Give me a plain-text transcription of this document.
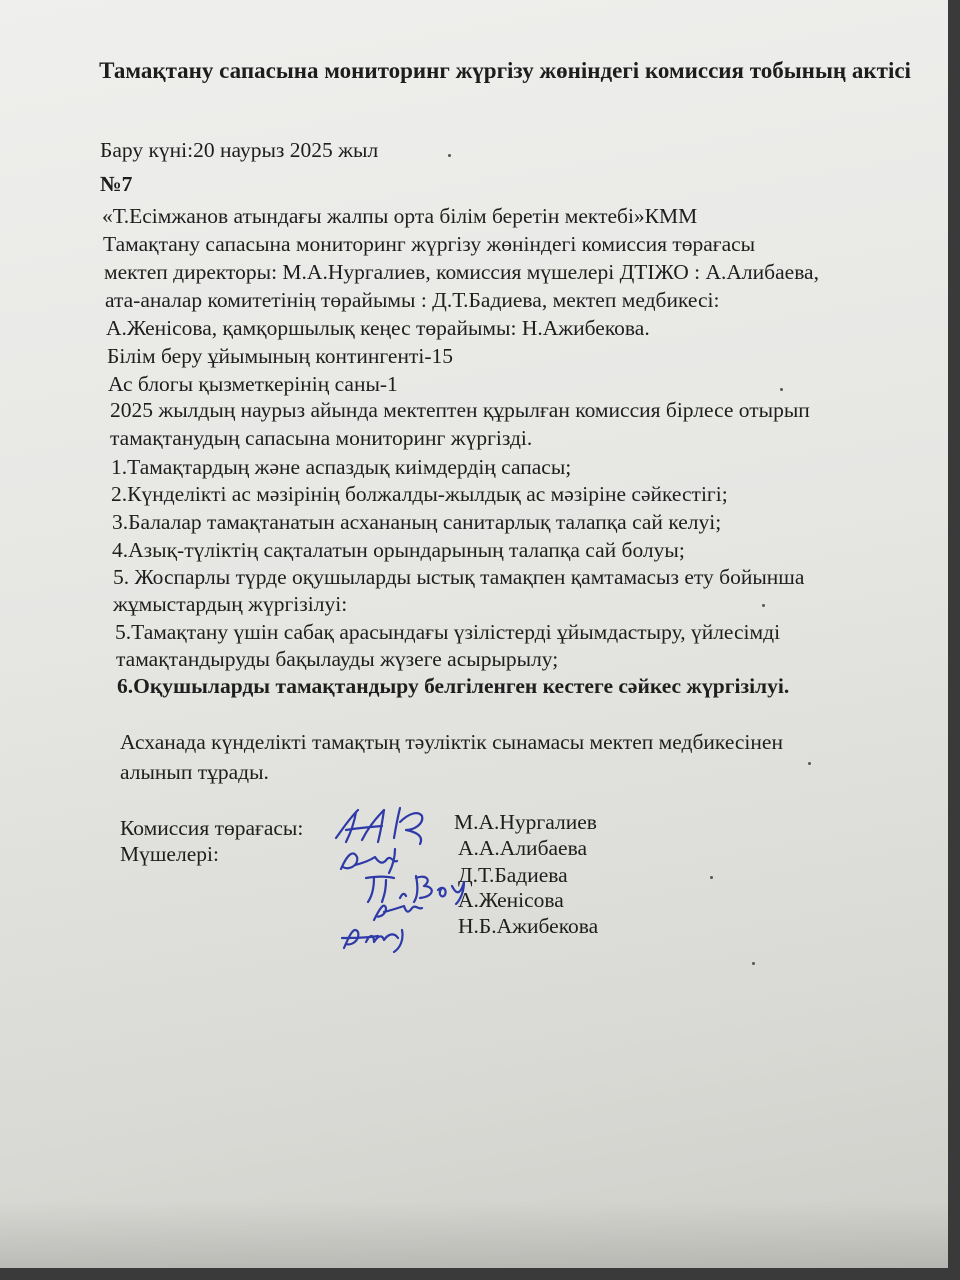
Тамақтану сапасына мониторинг жүргізу жөніндегі комиссия тобының актісі

Бару күні:20 наурыз 2025 жыл

№7

«Т.Есімжанов атындағы жалпы орта білім беретін мектебі»КММ

Тамақтану сапасына мониторинг жүргізу жөніндегі комиссия төрағасы

мектеп директоры: М.А.Нургалиев, комиссия мүшелері ДТІЖО : А.Алибаева,

ата-аналар комитетінің төрайымы : Д.Т.Бадиева, мектеп медбикесі:

А.Женісова, қамқоршылық кеңес төрайымы: Н.Ажибекова.

Білім беру ұйымының контингенті-15

Ас блогы қызметкерінің саны-1

2025 жылдың наурыз айында мектептен құрылған комиссия бірлесе отырып

тамақтанудың сапасына мониторинг жүргізді.

1.Тамақтардың және аспаздық киімдердің сапасы;

2.Күнделікті ас мәзірінің болжалды-жылдық ас мәзіріне сәйкестігі;

3.Балалар тамақтанатын асхананың санитарлық талапқа сай келуі;

4.Азық-түліктің сақталатын орындарының талапқа сай болуы;

5. Жоспарлы түрде оқушыларды ыстық тамақпен қамтамасыз ету бойынша

жұмыстардың жүргізілуі:

5.Тамақтану үшін сабақ арасындағы үзілістерді ұйымдастыру, үйлесімді

тамақтандыруды бақылауды жүзеге асырырылу;

6.Оқушыларды тамақтандыру белгіленген кестеге сәйкес жүргізілуі.

Асханада күнделікті тамақтың тәуліктік сынамасы мектеп медбикесінен

алынып тұрады.

Комиссия төрағасы:

Мүшелері:

М.А.Нургалиев

А.А.Алибаева

Д.Т.Бадиева

А.Женісова

Н.Б.Ажибекова
